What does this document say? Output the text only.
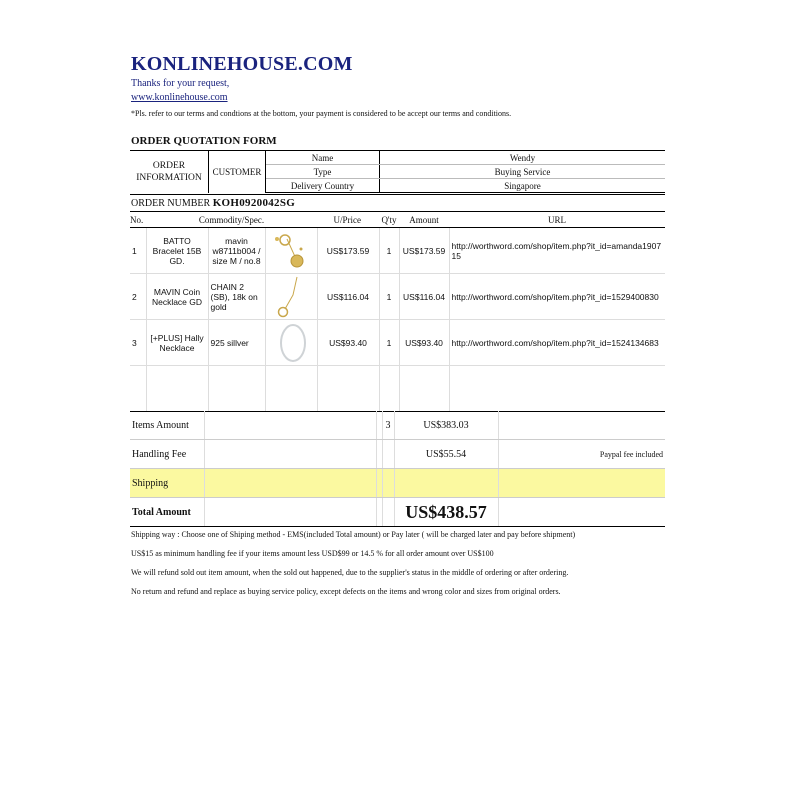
KONLINEHOUSE.COM
Thanks for your request,
www.konlinehouse.com
*Pls. refer to our terms and condtions at the bottom, your payment is considered to be accept our terms and conditions.
ORDER QUOTATION FORM
ORDER INFORMATION	CUSTOMER	Name	Wendy
		Type	Buying Service
		Delivery Country	Singapore
ORDER NUMBER KOH0920042SG
No.	Commodity/Spec.			U/Price	Q'ty	Amount	URL
1	BATTO Bracelet 15B GD.	mavin w8711b004 / size M / no.8		US$173.59	1	US$173.59	http://worthword.com/shop/item.php?it_id=amanda190715
2	MAVIN Coin Necklace GD	CHAIN 2 (SB), 18k on gold		US$116.04	1	US$116.04	http://worthword.com/shop/item.php?it_id=1529400830
3	[+PLUS] Hally Necklace	925 sillver		US$93.40	1	US$93.40	http://worthword.com/shop/item.php?it_id=1524134683

Items Amount			3	US$383.03	
Handling Fee				US$55.54	Paypal fee included
Shipping					
Total Amount				US$438.57	
Shipping way : Choose one of Shiping method - EMS(included Total amount) or Pay later ( will be charged later and pay before shipment)
US$15 as minimum handling fee if your items amount less USD$99 or 14.5 % for all order amount over US$100
We will refund sold out item amount, when the sold out happened, due to the supplier's status in the middle of ordering or after ordering.
No return and refund and replace as buying service policy, except defects on the items and wrong color and sizes from original orders.
